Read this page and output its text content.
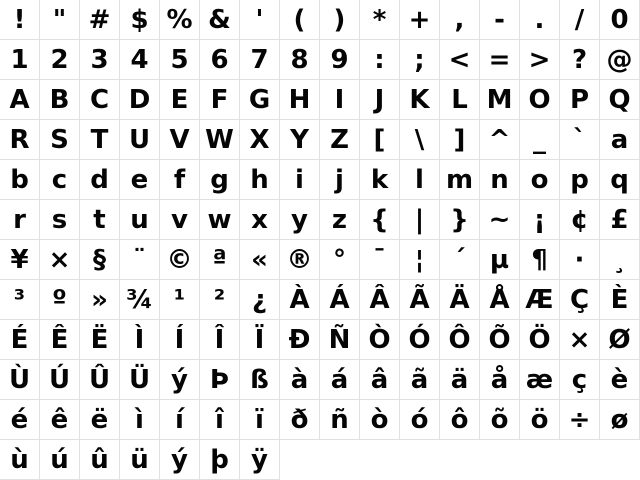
!	" # $ % & '	(	)	* + ,	-	.	/	0
1 2 3 4 5 6 7 8 9 :	; < = > ? @
A B C D E F G H I	J K L M O P Q
R S T U V W X Y Z [	\	] ^ _	` a
b c d e f g h	i	j	k	l m n o p q
r s	t u v w x y z {	| } ~ ¡ ¢ £
¥ × §	¨ © ª « ® °	¯	¦	´ µ ¶	·	¸
³	º » ¾ ¹	²	¿ À Á Â Ã Ä Å Æ Ç È
É Ê Ë	Ì	Í	Î	Ï Ð Ñ Ò Ó Ô Õ Ö × Ø
Ù Ú Û Ü ý Þ ß à á â ã ä å æ ç è
é ê ë	ì	í	î	ï	ð ñ ò ó ô õ ö ÷ ø
ù ú û ü ý þ ÿ
